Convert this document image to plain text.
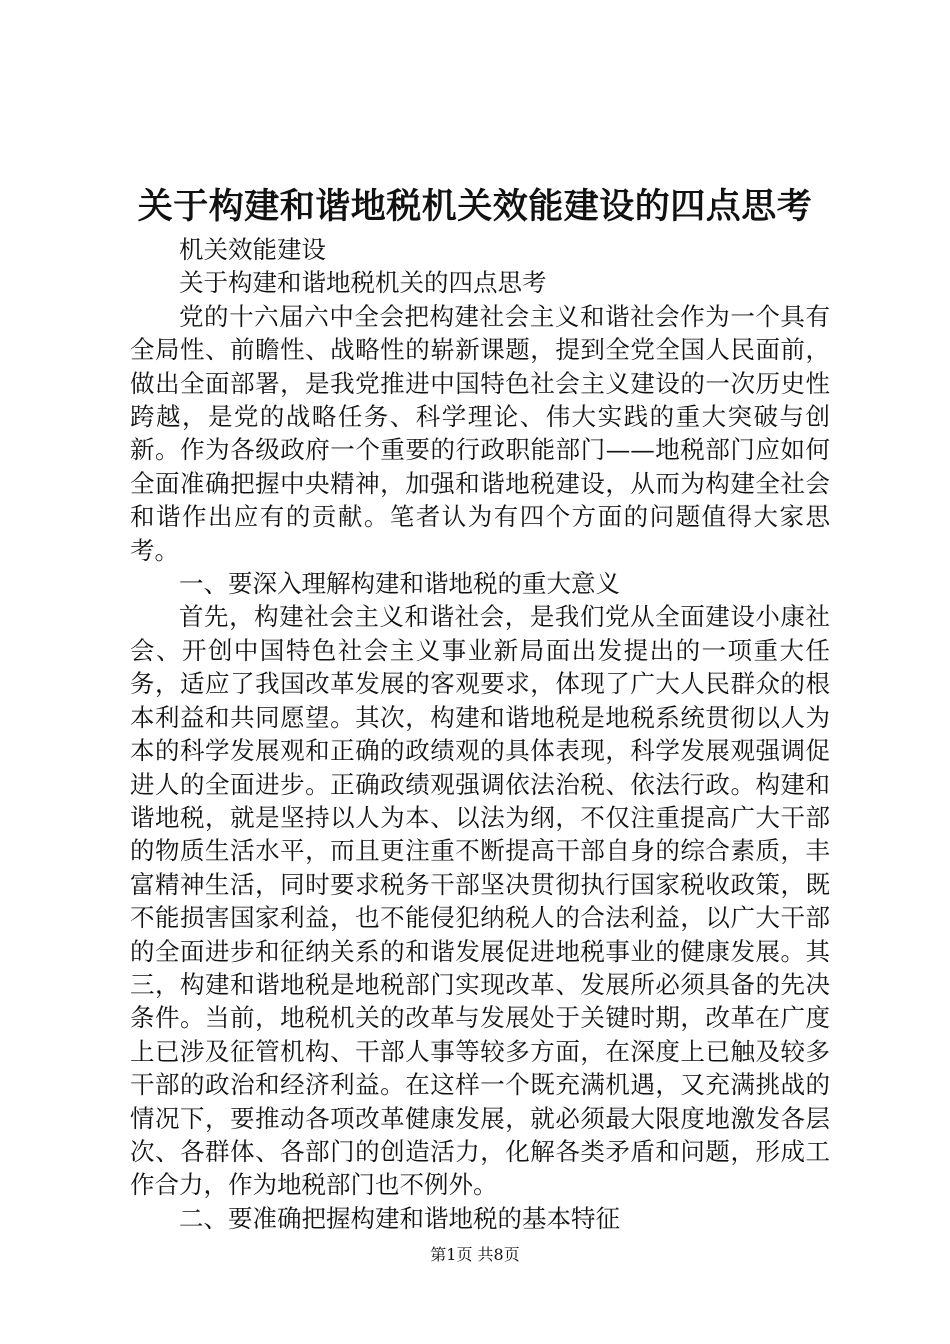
关于构建和谐地税机关效能建设的四点思考

机关效能建设

关于构建和谐地税机关的四点思考

党的十六届六中全会把构建社会主义和谐社会作为一个具有全局性、前瞻性、战略性的崭新课题，提到全党全国人民面前，做出全面部署，是我党推进中国特色社会主义建设的一次历史性跨越，是党的战略任务、科学理论、伟大实践的重大突破与创新。作为各级政府一个重要的行政职能部门——地税部门应如何全面准确把握中央精神，加强和谐地税建设，从而为构建全社会和谐作出应有的贡献。笔者认为有四个方面的问题值得大家思考。

一、要深入理解构建和谐地税的重大意义

首先，构建社会主义和谐社会，是我们党从全面建设小康社会、开创中国特色社会主义事业新局面出发提出的一项重大任务，适应了我国改革发展的客观要求，体现了广大人民群众的根本利益和共同愿望。其次，构建和谐地税是地税系统贯彻以人为本的科学发展观和正确的政绩观的具体表现，科学发展观强调促进人的全面进步。正确政绩观强调依法治税、依法行政。构建和谐地税，就是坚持以人为本、以法为纲，不仅注重提高广大干部的物质生活水平，而且更注重不断提高干部自身的综合素质，丰富精神生活，同时要求税务干部坚决贯彻执行国家税收政策，既不能损害国家利益，也不能侵犯纳税人的合法利益，以广大干部的全面进步和征纳关系的和谐发展促进地税事业的健康发展。其三，构建和谐地税是地税部门实现改革、发展所必须具备的先决条件。当前，地税机关的改革与发展处于关键时期，改革在广度上已涉及征管机构、干部人事等较多方面，在深度上已触及较多干部的政治和经济利益。在这样一个既充满机遇，又充满挑战的情况下，要推动各项改革健康发展，就必须最大限度地激发各层次、各群体、各部门的创造活力，化解各类矛盾和问题，形成工作合力，作为地税部门也不例外。

二、要准确把握构建和谐地税的基本特征

第1页 共8页
